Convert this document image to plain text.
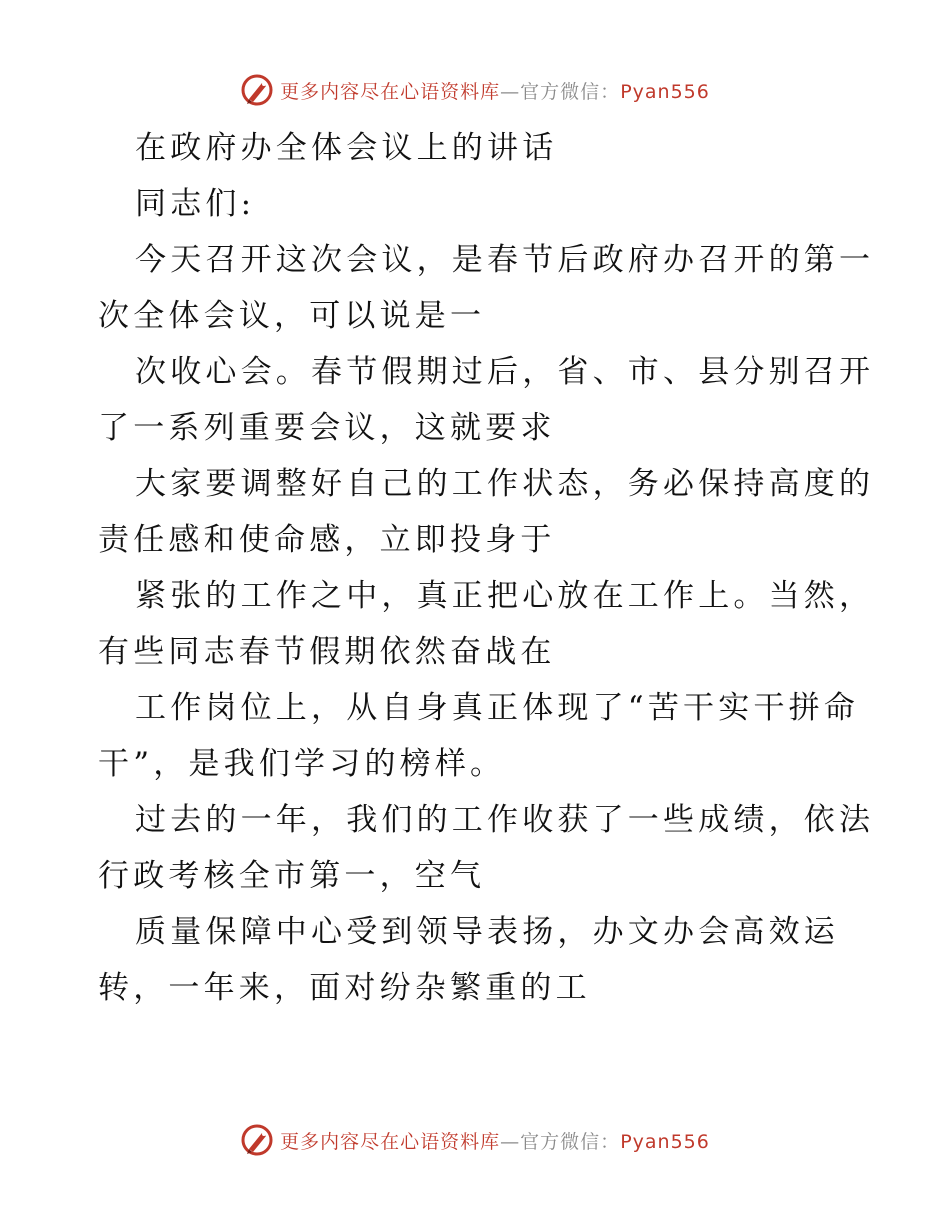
更多内容尽在心语资料库—官方微信：Pyan556
在政府办全体会议上的讲话
同志们:
今天召开这次会议，是春节后政府办召开的第一
次全体会议，可以说是一
次收心会。春节假期过后，省、市、县分别召开
了一系列重要会议，这就要求
大家要调整好自己的工作状态，务必保持高度的
责任感和使命感，立即投身于
紧张的工作之中，真正把心放在工作上。当然，
有些同志春节假期依然奋战在
工作岗位上，从自身真正体现了“苦干实干拼命
干”，是我们学习的榜样。
过去的一年，我们的工作收获了一些成绩，依法
行政考核全市第一，空气
质量保障中心受到领导表扬，办文办会高效运
转，一年来，面对纷杂繁重的工
更多内容尽在心语资料库—官方微信：Pyan556
